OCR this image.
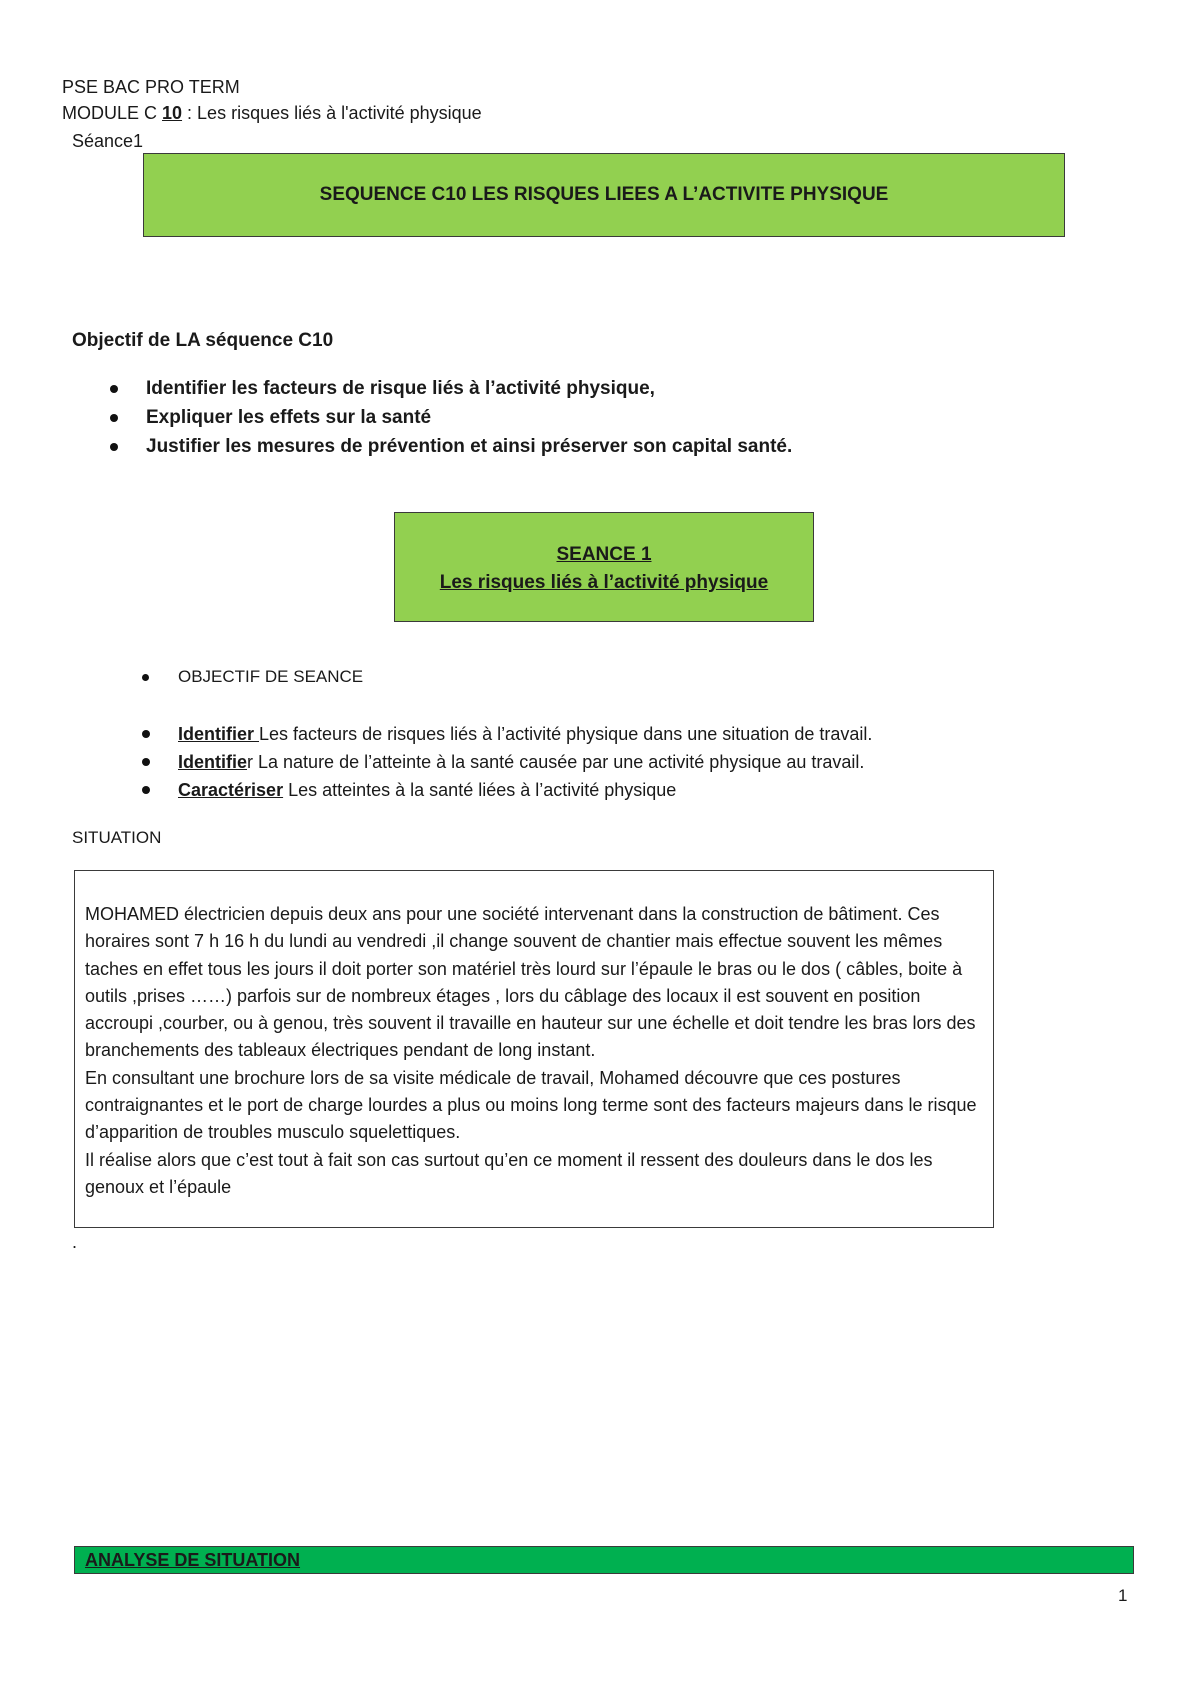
PSE BAC PRO TERM
MODULE C 10 : Les risques liés à l'activité physique
Séance1
SEQUENCE C10 LES RISQUES LIEES A L’ACTIVITE PHYSIQUE
Objectif de LA séquence C10
Identifier les facteurs de risque liés à l’activité physique,
Expliquer les effets sur la santé
Justifier les mesures de prévention et ainsi préserver son capital santé.
SEANCE 1
Les risques liés à l’activité physique
OBJECTIF DE SEANCE
Identifier Les facteurs de risques liés à l’activité physique dans une situation de travail.
Identifier La nature de l’atteinte à la santé causée par une activité physique au travail.
Caractériser Les atteintes à la santé liées à l’activité physique
SITUATION

MOHAMED électricien depuis deux ans pour une société intervenant dans la construction de bâtiment. Ces horaires sont 7 h 16 h du lundi au vendredi ,il change souvent de chantier mais effectue souvent les mêmes taches en effet tous les jours il doit porter son matériel très lourd sur l’épaule le bras ou le dos ( câbles, boite à outils ,prises ……) parfois sur de nombreux étages , lors du câblage des locaux il est souvent en position accroupi ,courber, ou à genou, très souvent il travaille en hauteur sur une échelle et doit tendre les bras lors des branchements des tableaux électriques pendant de long instant.

En consultant une brochure lors de sa visite médicale de travail, Mohamed découvre que ces postures contraignantes et le port de charge lourdes a plus ou moins long terme sont des facteurs majeurs dans le risque d’apparition de troubles musculo squelettiques.

Il réalise alors que c’est tout à fait son cas surtout qu’en ce moment il ressent des douleurs dans le dos les genoux et l’épaule

.
ANALYSE DE SITUATION
1
